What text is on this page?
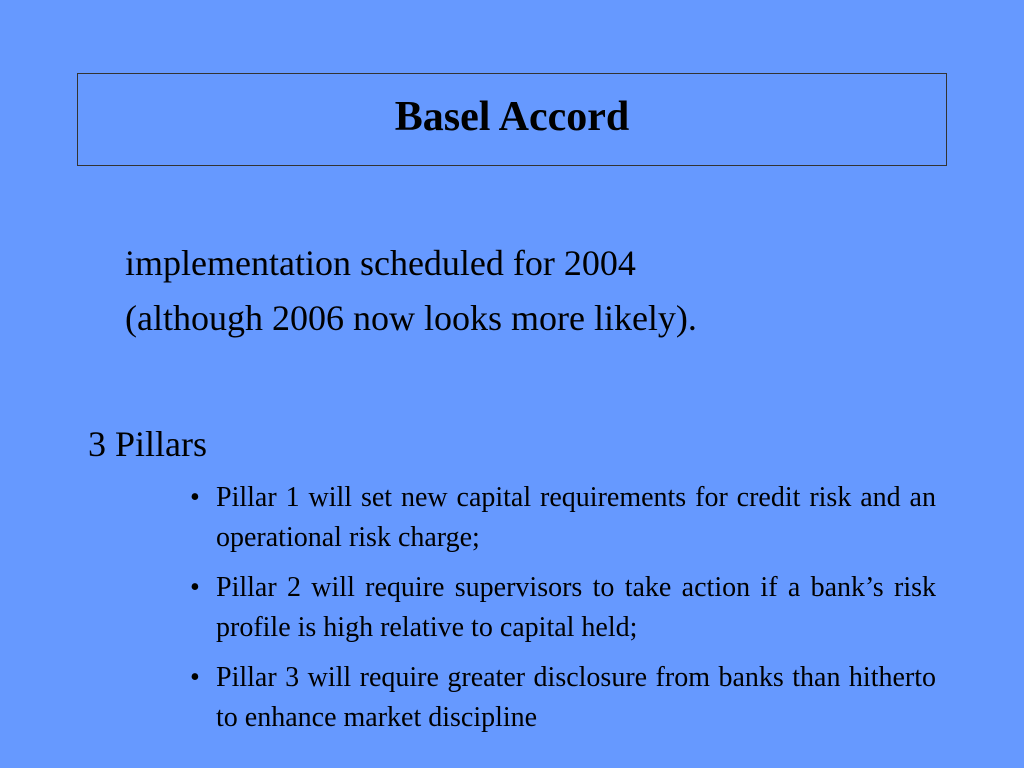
Basel Accord
implementation scheduled for 2004
(although 2006 now looks more likely).
3 Pillars
• Pillar 1 will set new capital requirements for credit risk and an operational risk charge;
• Pillar 2 will require supervisors to take action if a bank’s risk profile is high relative to capital held;
• Pillar 3 will require greater disclosure from banks than hitherto to enhance market discipline
